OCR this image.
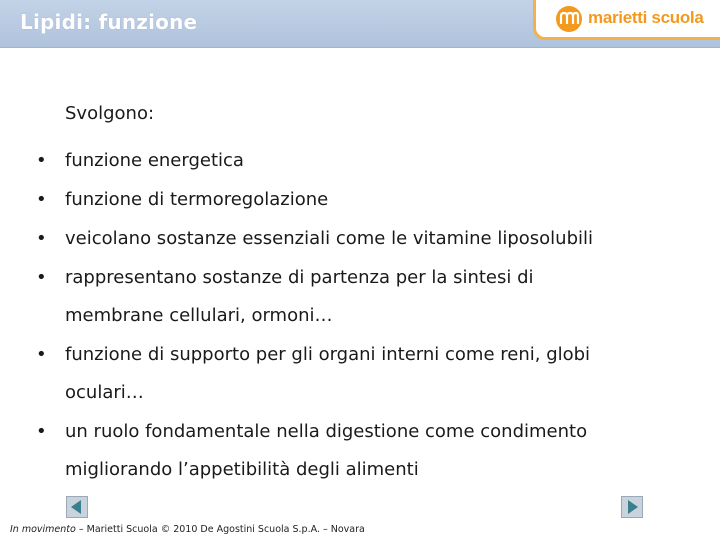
Lipidi: funzione	marietti scuola
Svolgono:
• funzione energetica
• funzione di termoregolazione
• veicolano sostanze essenziali come le vitamine liposolubili
• rappresentano sostanze di partenza per la sintesi di
membrane cellulari, ormoni…
• funzione di supporto per gli organi interni come reni, globi
oculari…
• un ruolo fondamentale nella digestione come condimento
migliorando l’appetibilità degli alimenti
In movimento – Marietti Scuola © 2010 De Agostini Scuola S.p.A. – Novara
